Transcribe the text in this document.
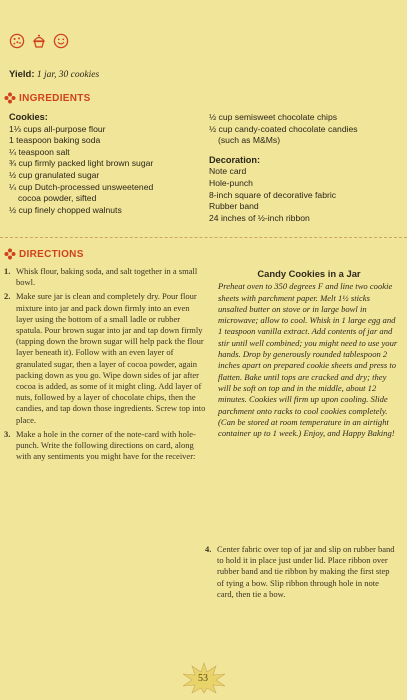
Yield: 1 jar, 30 cookies
INGREDIENTS
Cookies:
1⅓ cups all-purpose flour
1 teaspoon baking soda
¼ teaspoon salt
¾ cup firmly packed light brown sugar
½ cup granulated sugar
¼ cup Dutch-processed unsweetened
cocoa powder, sifted
½ cup finely chopped walnuts
½ cup semisweet chocolate chips
½ cup candy-coated chocolate candies
(such as M&Ms)
Decoration:
Note card
Hole-punch
8-inch square of decorative fabric
Rubber band
24 inches of ½-inch ribbon
DIRECTIONS
1. Whisk flour, baking soda, and salt together in a small bowl.
2. Make sure jar is clean and completely dry. Pour flour mixture into jar and pack down firmly into an even layer using the bottom of a small ladle or rubber spatula. Pour brown sugar into jar and tap down firmly (tapping down the brown sugar will help pack the flour layer beneath it). Follow with an even layer of granulated sugar, then a layer of cocoa powder, again packing down as you go. Wipe down sides of jar after cocoa is added, as some of it might cling. Add layer of nuts, followed by a layer of chocolate chips, then the candies, and tap down those ingredients. Screw top into place.
3. Make a hole in the corner of the note-card with hole-punch. Write the following directions on card, along with any sentiments you might have for the receiver:
Candy Cookies in a Jar
Preheat oven to 350 degrees F and line two cookie sheets with parchment paper. Melt 1½ sticks unsalted butter on stove or in large bowl in microwave; allow to cool. Whisk in 1 large egg and 1 teaspoon vanilla extract. Add contents of jar and stir until well combined; you might need to use your hands. Drop by generously rounded tablespoon 2 inches apart on prepared cookie sheets and press to flatten. Bake until tops are cracked and dry; they will be soft on top and in the middle, about 12 minutes. Cookies will firm up upon cooling. Slide parchment onto racks to cool cookies completely. (Can be stored at room temperature in an airtight container up to 1 week.) Enjoy, and Happy Baking!
4. Center fabric over top of jar and slip on rubber band to hold it in place just under lid. Place ribbon over rubber band and tie ribbon by making the first step of tying a bow. Slip ribbon through hole in note card, then tie a bow.
53
